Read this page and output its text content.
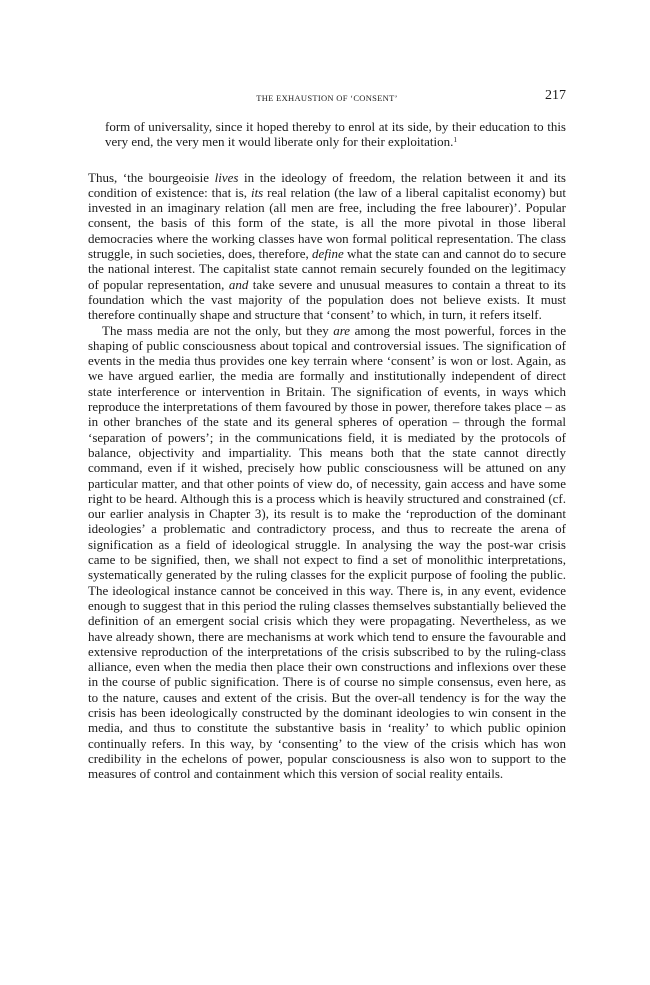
THE EXHAUSTION OF ‘CONSENT’	217

form of universality, since it hoped thereby to enrol at its side, by their education to this very end, the very men it would liberate only for their exploitation.$^1$

Thus, ‘the bourgeoisie lives in the ideology of freedom, the relation between it and its condition of existence: that is, its real relation (the law of a liberal capitalist economy) but invested in an imaginary relation (all men are free, including the free labourer)’. Popular consent, the basis of this form of the state, is all the more pivotal in those liberal democracies where the working classes have won formal political representation. The class struggle, in such societies, does, therefore, define what the state can and cannot do to secure the national interest. The capitalist state cannot remain securely founded on the legitimacy of popular representation, and take severe and unusual measures to contain a threat to its foundation which the vast majority of the population does not believe exists. It must therefore continually shape and structure that ‘consent’ to which, in turn, it refers itself.

The mass media are not the only, but they are among the most powerful, forces in the shaping of public consciousness about topical and controversial issues. The signification of events in the media thus provides one key terrain where ‘consent’ is won or lost. Again, as we have argued earlier, the media are formally and institutionally independent of direct state interference or intervention in Britain. The signification of events, in ways which reproduce the interpretations of them favoured by those in power, therefore takes place – as in other branches of the state and its general spheres of operation – through the formal ‘separation of powers’; in the communications field, it is mediated by the protocols of balance, objectivity and impartiality. This means both that the state cannot directly command, even if it wished, precisely how public consciousness will be attuned on any particular matter, and that other points of view do, of necessity, gain access and have some right to be heard. Although this is a process which is heavily structured and constrained (cf. our earlier analysis in Chapter 3), its result is to make the ‘reproduction of the dominant ideologies’ a problematic and contradictory process, and thus to recreate the arena of signification as a field of ideological struggle. In analysing the way the post-war crisis came to be signified, then, we shall not expect to find a set of monolithic interpretations, systematically generated by the ruling classes for the explicit purpose of fooling the public. The ideological instance cannot be conceived in this way. There is, in any event, evidence enough to suggest that in this period the ruling classes themselves substantially believed the definition of an emergent social crisis which they were propagating. Nevertheless, as we have already shown, there are mechanisms at work which tend to ensure the favourable and extensive reproduction of the interpretations of the crisis subscribed to by the ruling-class alliance, even when the media then place their own constructions and inflexions over these in the course of public signification. There is of course no simple consensus, even here, as to the nature, causes and extent of the crisis. But the over-all tendency is for the way the crisis has been ideologically constructed by the dominant ideologies to win consent in the media, and thus to constitute the substantive basis in ‘reality’ to which public opinion continually refers. In this way, by ‘consenting’ to the view of the crisis which has won credibility in the echelons of power, popular consciousness is also won to support to the measures of control and containment which this version of social reality entails.
